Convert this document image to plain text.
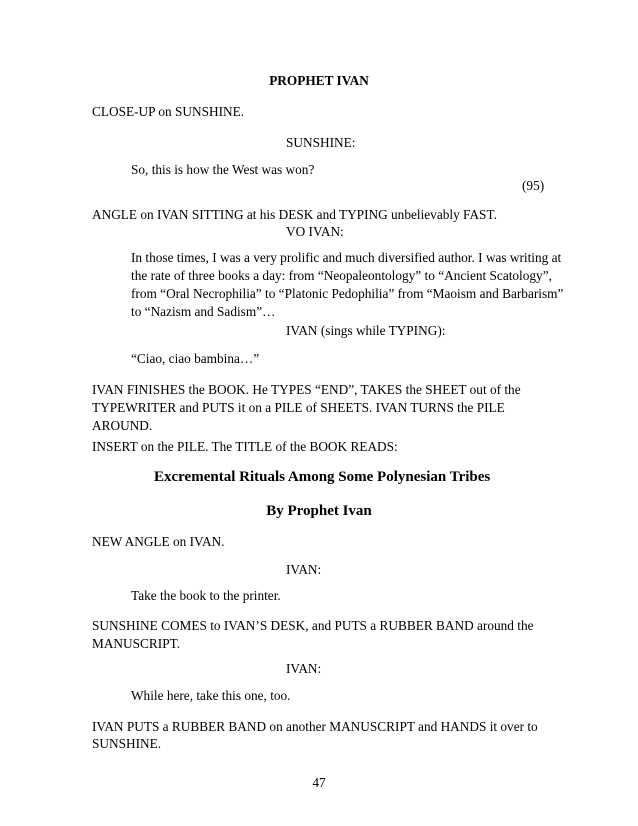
PROPHET IVAN
CLOSE-UP on SUNSHINE.
SUNSHINE:
So, this is how the West was won?
(95)
ANGLE on IVAN SITTING at his DESK and TYPING unbelievably FAST.
VO IVAN:
In those times, I was a very prolific and much diversified author. I was writing at
the rate of three books a day: from “Neopaleontology” to “Ancient Scatology”,
from “Oral Necrophilia” to “Platonic Pedophilia” from “Maoism and Barbarism”
to “Nazism and Sadism”…
IVAN (sings while TYPING):
“Ciao, ciao bambina…”
IVAN FINISHES the BOOK. He TYPES “END”, TAKES the SHEET out of the
TYPEWRITER and PUTS it on a PILE of SHEETS. IVAN TURNS the PILE
AROUND.
INSERT on the PILE. The TITLE of the BOOK READS:
Excremental Rituals Among Some Polynesian Tribes
By Prophet Ivan
NEW ANGLE on IVAN.
IVAN:
Take the book to the printer.
SUNSHINE COMES to IVAN’S DESK, and PUTS a RUBBER BAND around the
MANUSCRIPT.
IVAN:
While here, take this one, too.
IVAN PUTS a RUBBER BAND on another MANUSCRIPT and HANDS it over to
SUNSHINE.
47
